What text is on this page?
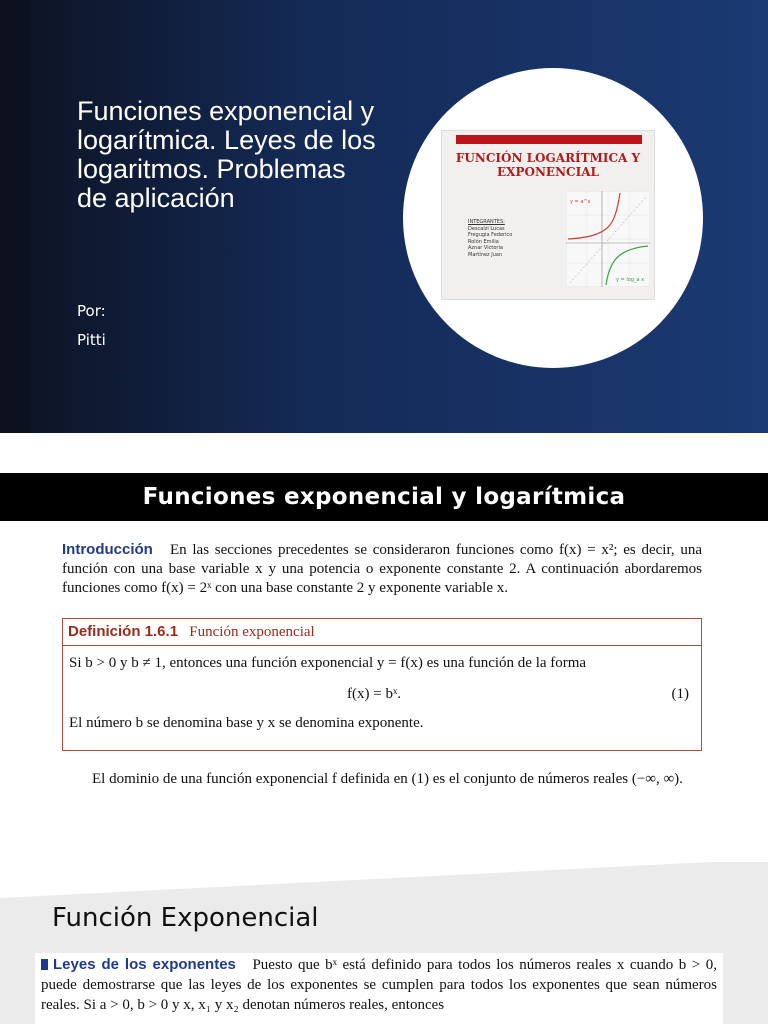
Funciones exponencial y logarítmica. Leyes de los logaritmos. Problemas de aplicación
Por:
Pitti
FUNCIÓN LOGARÍTMICA Y
EXPONENCIAL
INTEGRANTES:
Descalzi Lucas
Fregugia Federico
Rolón Emilia
Aznar Victoria
Martínez Juan
y = a^x
y = log_a x
Funciones exponencial y logarítmica
Introducción En las secciones precedentes se consideraron funciones como f(x) = x²; es decir, una función con una base variable x y una potencia o exponente constante 2. A continuación abordaremos funciones como f(x) = 2ˣ con una base constante 2 y exponente variable x.
Definición 1.6.1 Función exponencial
Si b > 0 y b ≠ 1, entonces una función exponencial y = f(x) es una función de la forma
f(x) = bˣ.	(1)
El número b se denomina base y x se denomina exponente.
El dominio de una función exponencial f definida en (1) es el conjunto de números reales (−∞, ∞).
Función Exponencial
Leyes de los exponentes Puesto que bˣ está definido para todos los números reales x cuando b > 0, puede demostrarse que las leyes de los exponentes se cumplen para todos los exponentes que sean números reales. Si a > 0, b > 0 y x, x₁ y x₂ denotan números reales, entonces
